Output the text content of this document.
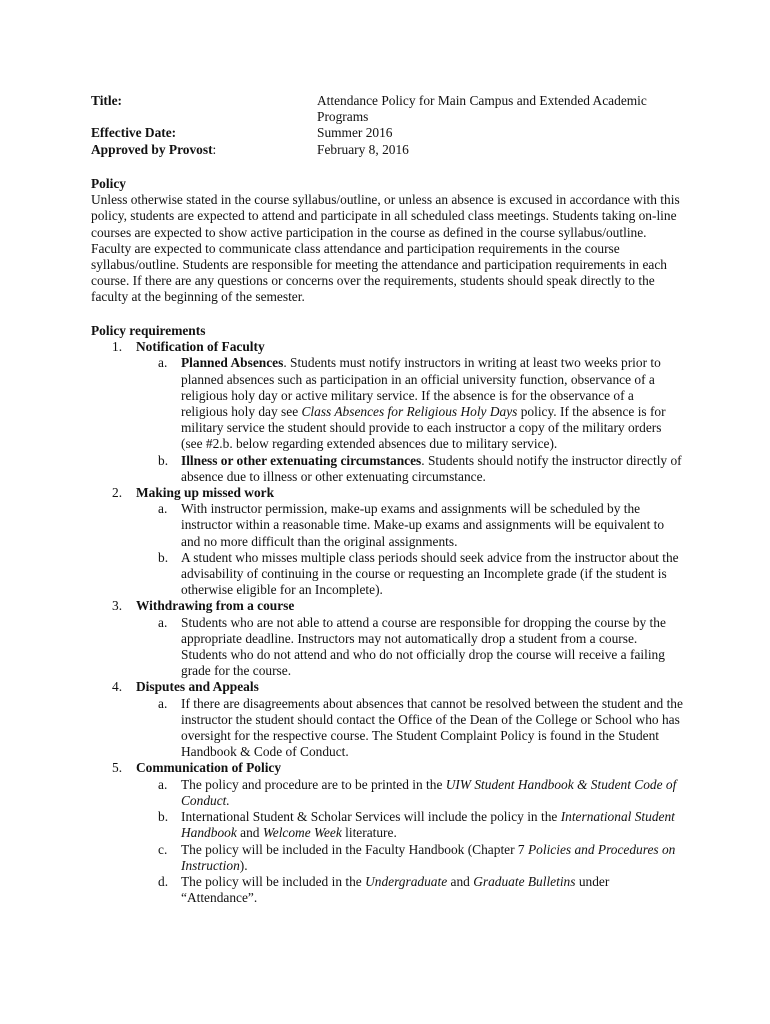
Title:	Attendance Policy for Main Campus and Extended Academic
Programs
Effective Date:	Summer 2016
Approved by Provost:	February 8, 2016
Policy
Unless otherwise stated in the course syllabus/outline, or unless an absence is excused in accordance with this policy, students are expected to attend and participate in all scheduled class meetings. Students taking on-line courses are expected to show active participation in the course as defined in the course syllabus/outline. Faculty are expected to communicate class attendance and participation requirements in the course syllabus/outline. Students are responsible for meeting the attendance and participation requirements in each course. If there are any questions or concerns over the requirements, students should speak directly to the faculty at the beginning of the semester.
Policy requirements
1. Notification of Faculty
a. Planned Absences. Students must notify instructors in writing at least two weeks prior to planned absences such as participation in an official university function, observance of a religious holy day or active military service. If the absence is for the observance of a religious holy day see Class Absences for Religious Holy Days policy. If the absence is for military service the student should provide to each instructor a copy of the military orders (see #2.b. below regarding extended absences due to military service).
b. Illness or other extenuating circumstances. Students should notify the instructor directly of absence due to illness or other extenuating circumstance.
2. Making up missed work
a. With instructor permission, make-up exams and assignments will be scheduled by the instructor within a reasonable time. Make-up exams and assignments will be equivalent to and no more difficult than the original assignments.
b. A student who misses multiple class periods should seek advice from the instructor about the advisability of continuing in the course or requesting an Incomplete grade (if the student is otherwise eligible for an Incomplete).
3. Withdrawing from a course
a. Students who are not able to attend a course are responsible for dropping the course by the appropriate deadline. Instructors may not automatically drop a student from a course. Students who do not attend and who do not officially drop the course will receive a failing grade for the course.
4. Disputes and Appeals
a. If there are disagreements about absences that cannot be resolved between the student and the instructor the student should contact the Office of the Dean of the College or School who has oversight for the respective course. The Student Complaint Policy is found in the Student Handbook & Code of Conduct.
5. Communication of Policy
a. The policy and procedure are to be printed in the UIW Student Handbook & Student Code of Conduct.
b. International Student & Scholar Services will include the policy in the International Student Handbook and Welcome Week literature.
c. The policy will be included in the Faculty Handbook (Chapter 7 Policies and Procedures on Instruction).
d. The policy will be included in the Undergraduate and Graduate Bulletins under “Attendance”.
